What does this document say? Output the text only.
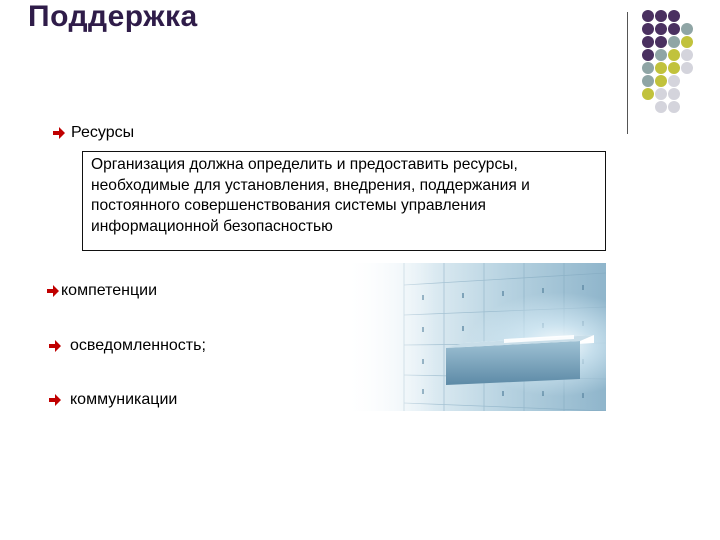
Поддержка
Ресурсы
Организация должна определить и предоставить ресурсы, необходимые для установления, внедрения, поддержания и постоянного совершенствования системы управления информационной безопасностью
компетенции
осведомленность;
коммуникации
